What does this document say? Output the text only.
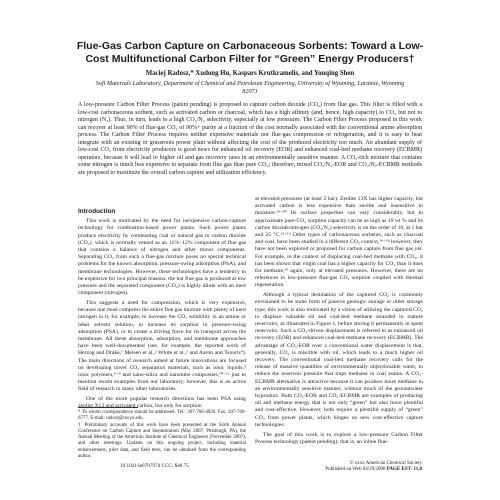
Flue-Gas Carbon Capture on Carbonaceous Sorbents: Toward a Low-Cost Multifunctional Carbon Filter for “Green” Energy Producers†
Maciej Radosz,* Xudong Hu, Kaspars Krutkramelis, and Youqing Shen
Soft Materials Laboratory, Department of Chemical and Petroleum Engineering, University of Wyoming, Laramie, Wyoming 82071
A low-pressure Carbon Filter Process (patent pending) is proposed to capture carbon dioxide (CO₂) from flue gas. This filter is filled with a low-cost carbonaceous sorbent, such as activated carbon or charcoal, which has a high affinity (and, hence, high capacity) to CO₂ but not to nitrogen (N₂). Thus, in turn, leads to a high CO₂/N₂ selectivity, especially at low pressures. The Carbon Filter Process proposed in this work can recover at least 90% of flue-gas CO₂ of 90%+ purity at a fraction of the cost normally associated with the conventional amine absorption process. The Carbon Filter Process requires neither expensive materials nor flue-gas compression or refrigeration, and it is easy to heat integrate with an existing or grassroots power plant without affecting the cost of the produced electricity too much. An abundant supply of low-cost CO₂ from electricity producers is good news for enhanced oil recovery (EOR) and enhanced coal-bed methane recovery (ECBMR) operators, because it will lead to higher oil and gas recovery rates in an environmentally sensitive manner. A CO₂-rich mixture that contains some nitrogen is much less expensive to separate from flue gas than pure CO₂; therefore, mixed CO₂/N₂-EOR and CO₂/N₂-ECBMR methods are proposed to maximize the overall carbon capture and utilization efficiency.
Introduction

This work is motivated by the need for inexpensive carbon-capture technology for combustion-based power plants. Such power plants produce electricity by combusting coal or natural gas to carbon dioxide (CO₂), which is normally vented as an 11%−12% component of flue gas that contains a balance of nitrogen and other minor components. Separating CO₂ from such a flue-gas mixture poses no special technical problems for the known absorption, pressure-swing adsorption (PSA), and membrane technologies. However, these technologies have a tendency to be expensive for two principal reasons: the hot flue gas is produced at low pressure and the separated component (CO₂) is highly dilute with an inert component (nitrogen).

This suggests a need for compression, which is very expensive, because one must compress the entire flue gas mixture with plenty of inert nitrogen in it, for example, to increase the CO₂ solubility in an amine or other solvent solution, to increase its sorption in pressure-swing adsorption (PSA), or to create a driving force for its transport across the membrane. All these absorption, adsorption, and membrane approaches have been well-documented (see, for example, the reported work of Herzog and Drake,¹ Meisen et al.,² White et al.,³ and Aaron and Tsouris⁴). The main directions of research aimed at future innovations are focused on developing novel CO₂ separation materials, such as ionic liquids,⁵ ionic polymers,⁶⁻⁹ and nano-silica and nanotube composites,¹⁰⁻¹² just to mention recent examples from our laboratory; however, this is an active field of research in many other laboratories.

One of the more popular research directions has been PSA using zeolite X13 and activated carbon, but only for sorption

at elevated pressures (at least 2 bar). Zeolite 13X has higher capacity, but activated carbon is less expensive than zeolite and insensitive to moisture.²⁹⁻³⁰ Its surface properties can vary considerably, but in approximate pure-CO₂ sorption capacity can be as high as 10 wt % and its carbon dioxide/nitrogen (CO₂/N₂) selectivity is on the order of 10, at 1 bar and 25 °C.¹²⁻¹⁴ Other types of carbonaceous sorbents, such as charcoal and coal, have been studied in a different CO₂ context,¹⁶⁻¹⁸ however, they have not been explored or proposed for carbon capture from flue gas yet. For example, in the context of displacing coal-bed methane with CO₂, it has been shown that virgin coal has a higher capacity for CO₂ than it does for methane,¹⁹ again, only at elevated pressures. However, there are no references to low-pressure flue-gas CO₂ sorption coupled with thermal regeneration.

Although a typical destination of the captured CO₂ is commonly envisioned to be some form of passive geologic storage or other storage type, this work is also motivated by a vision of utilizing the captured CO₂ to displace valuable oil and coal-bed methane stranded in mature reservoirs, as illustrated in Figure 1, before storing it permanently in spent reservoirs. Such a CO₂-driven displacement is referred to as enhanced oil recovery (EOR) and enhanced coal-bed methane recovery (ECBMR). The advantage of CO₂-EOR over a conventional water displacement is that, generally, CO₂ is miscible with oil, which leads to a much higher oil recovery. The conventional coal-bed methane recovery calls for the release of massive quantities of environmentally objectionable water, to reduce the reservoir pressure that traps methane in coal seams. A CO₂-ECBMR alternative is attractive because it can produce more methane in an environmentally sensitive manner, without much of the groundwater byproduct. Both CO₂-EOR and CO₂-ECBMR are examples of producing oil and methane energy that is not only “green” but also more plentiful and cost-effective. However, both require a plentiful supply of “green” CO₂ from power plants, which hinges on new cost-effective capture technologies.

The goal of this work is to explore a low-pressure Carbon Filter Process technology (patent pending); that is, an inline flue-

* To whom correspondence should be addressed. Tel.: 307-766-4926. Fax: 307-766-6777. E-mail: radosz@uwyo.edu.

† Preliminary accounts of this work have been presented at the Sixth Annual Conference on Carbon Capture and Sequestration (May 2007, Pittsburgh, PA), the Annual Meeting of the American Institute of Chemical Engineers (November 2007), and other meetings. Updates on this ongoing project, including material enhancements, pilot data, and field tests, can be obtained from the corresponding author.

10.1021/ie0707974 CCC: $40.75	© xxxx American Chemical Society
Published on Web 04/29/2008 PAGE EST: 11.8
